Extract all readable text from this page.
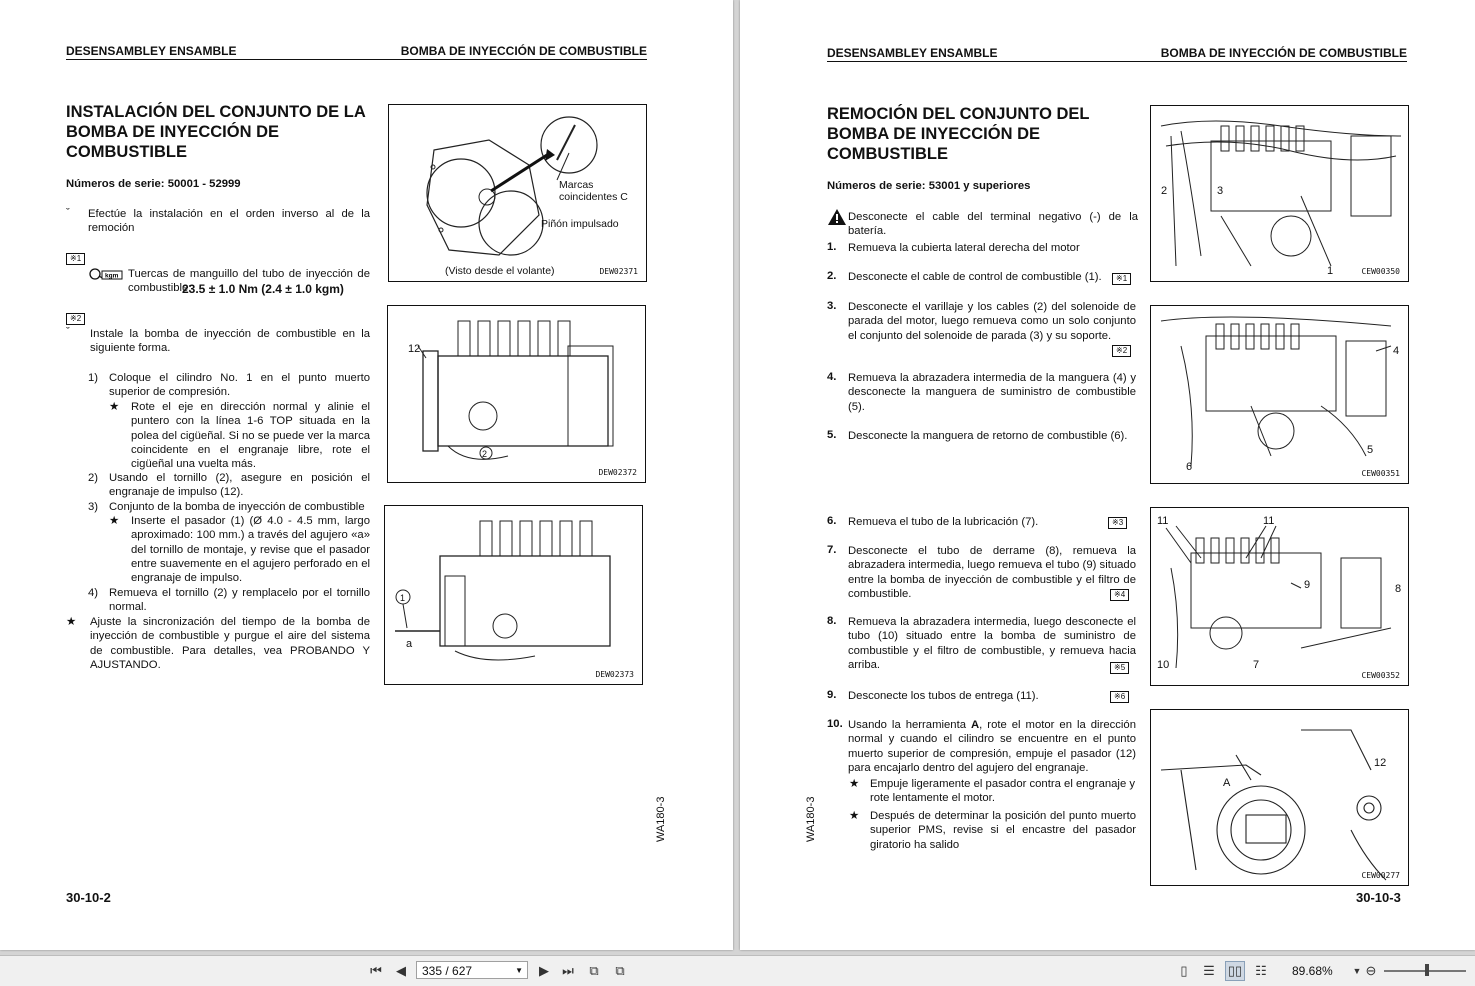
DESENSAMBLEY ENSAMBLE	BOMBA DE INYECCIÓN DE COMBUSTIBLE
INSTALACIÓN DEL CONJUNTO DE LA BOMBA DE INYECCIÓN DE COMBUSTIBLE
Números de serie: 50001 - 52999
ˇ Efectúe la instalación en el orden inverso al de la remoción
※1
kgm Tuercas de manguillo del tubo de inyección de combustible:
23.5 ± 1.0 Nm (2.4 ± 1.0 kgm)
※2
ˇ Instale la bomba de inyección de combustible en la siguiente forma.
1) Coloque el cilindro No. 1 en el punto muerto superior de compresión.
★ Rote el eje en dirección normal y alinie el puntero con la línea 1-6 TOP situada en la polea del cigüeñal. Si no se puede ver la marca coincidente en el engranaje libre, rote el cigüeñal una vuelta más.
2) Usando el tornillo (2), asegure en posición el engranaje de impulso (12).
3) Conjunto de la bomba de inyección de combustible
★ Inserte el pasador (1) (Ø 4.0 - 4.5 mm, largo aproximado: 100 mm.) a través del agujero «a» del tornillo de montaje, y revise que el pasador entre suavemente en el agujero perforado en el engranaje de impulso.
4) Remueva el tornillo (2) y remplacelo por el tornillo normal.
★ Ajuste la sincronización del tiempo de la bomba de inyección de combustible y purgue el aire del sistema de combustible. Para detalles, vea PROBANDO Y AJUSTANDO.
Marcas coincidentes C
Piñón impulsado
(Visto desde el volante)	DEW02371
12
2
DEW02372
1
a
DEW02373
WA180-3
30-10-2
DESENSAMBLEY ENSAMBLE	BOMBA DE INYECCIÓN DE COMBUSTIBLE
REMOCIÓN DEL CONJUNTO DEL BOMBA DE INYECCIÓN DE COMBUSTIBLE
Números de serie: 53001 y superiores
Desconecte el cable del terminal negativo (-) de la batería.
1. Remueva la cubierta lateral derecha del motor
2. Desconecte el cable de control de combustible (1).	※1
3. Desconecte el varillaje y los cables (2) del solenoide de parada del motor, luego remueva como un solo conjunto el conjunto del solenoide de parada (3) y su soporte.
※2
4. Remueva la abrazadera intermedia de la manguera (4) y desconecte la manguera de suministro de combustible (5).
5. Desconecte la manguera de retorno de combustible (6).
6. Remueva el tubo de la lubricación (7).	※3
7. Desconecte el tubo de derrame (8), remueva la abrazadera intermedia, luego remueva el tubo (9) situado entre la bomba de inyección de combustible y el filtro de combustible.	※4
8. Remueva la abrazadera intermedia, luego desconecte el tubo (10) situado entre la bomba de suministro de combustible y el filtro de combustible, y remueva hacia arriba.	※5
9. Desconecte los tubos de entrega (11).	※6
10. Usando la herramienta A, rote el motor en la dirección normal y cuando el cilindro se encuentre en el punto muerto superior de compresión, empuje el pasador (12) para encajarlo dentro del agujero del engranaje.
★ Empuje ligeramente el pasador contra el engranaje y rote lentamente el motor.
★ Después de determinar la posición del punto muerto superior PMS, revise si el encastre del pasador giratorio ha salido
2	3
1	CEW00350
4
5
6
CEW00351
11	11
9	8
10	7
CEW00352
A
12
CEW00277
WA180-3
30-10-3
⏮	◀	335 / 627	▼	▶	⏭	⧉	⧉	▯	☰ ▯▯ ☷ 89.68%	▼ ⊖
